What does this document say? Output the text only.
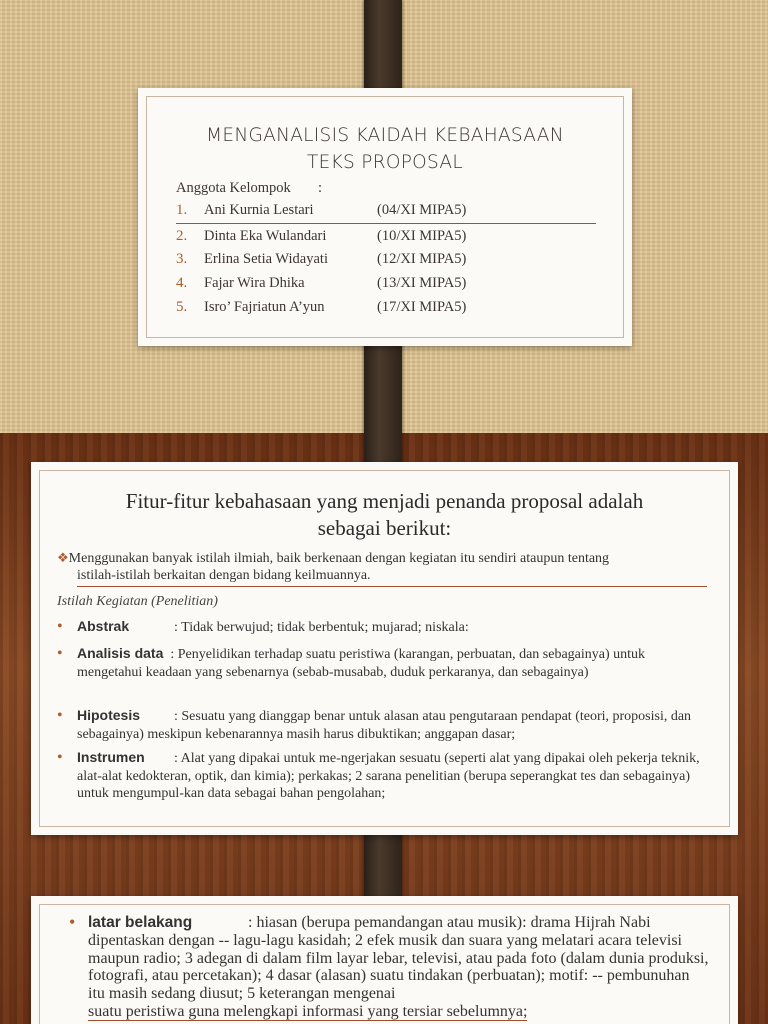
MENGANALISIS KAIDAH KEBAHASAAN
TEKS PROPOSAL
Anggota Kelompok :
1. Ani Kurnia Lestari	(04/XI MIPA5)
2. Dinta Eka Wulandari	(10/XI MIPA5)
3. Erlina Setia Widayati	(12/XI MIPA5)
4. Fajar Wira Dhika	(13/XI MIPA5)
5. Isro’ Fajriatun A’yun	(17/XI MIPA5)
Fitur-fitur kebahasaan yang menjadi penanda proposal adalah
sebagai berikut:
❖Menggunakan banyak istilah ilmiah, baik berkenaan dengan kegiatan itu sendiri ataupun tentang
istilah-istilah berkaitan dengan bidang keilmuannya.
Istilah Kegiatan (Penelitian)
• Abstrak	: Tidak berwujud; tidak berbentuk; mujarad; niskala:
• Analisis data : Penyelidikan terhadap suatu peristiwa (karangan, perbuatan, dan sebagainya) untuk mengetahui keadaan yang sebenarnya (sebab-musabab, duduk perkaranya, dan sebagainya)
• Hipotesis : Sesuatu yang dianggap benar untuk alasan atau pengutaraan pendapat (teori, proposisi, dan sebagainya) meskipun kebenarannya masih harus dibuktikan; anggapan dasar;
• Instrumen : Alat yang dipakai untuk me-ngerjakan sesuatu (seperti alat yang dipakai oleh pekerja teknik, alat-alat kedokteran, optik, dan kimia); perkakas; 2 sarana penelitian (berupa seperangkat tes dan sebagainya) untuk mengumpul-kan data sebagai bahan pengolahan;
• latar belakang	: hiasan (berupa pemandangan atau musik): drama Hijrah Nabi dipentaskan dengan -- lagu-lagu kasidah; 2 efek musik dan suara yang melatari acara televisi maupun radio; 3 adegan di dalam film layar lebar, televisi, atau pada foto (dalam dunia produksi, fotografi, atau percetakan); 4 dasar (alasan) suatu tindakan (perbuatan); motif: -- pembunuhan itu masih sedang diusut; 5 keterangan mengenai
suatu peristiwa guna melengkapi informasi yang tersiar sebelumnya;
